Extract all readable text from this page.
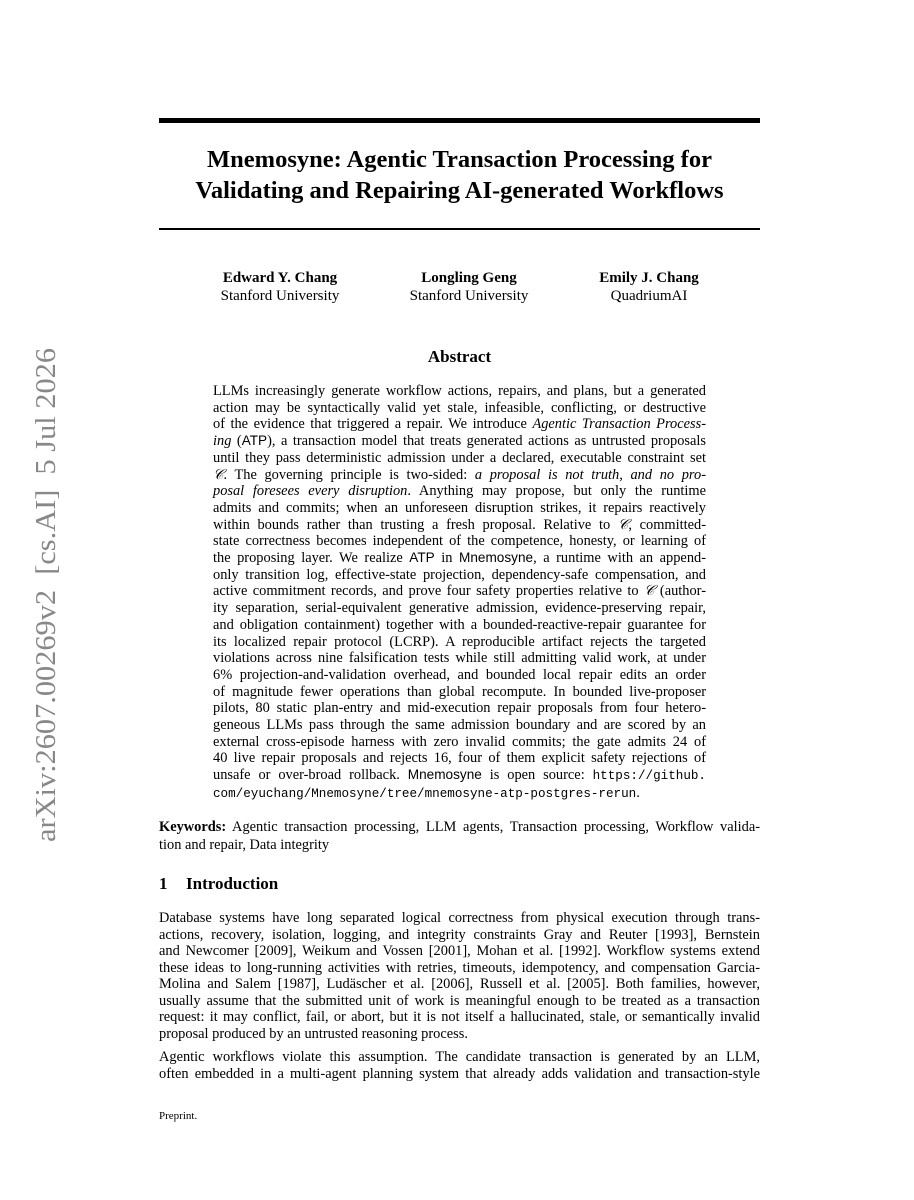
arXiv:2607.00269v2  [cs.AI]  5 Jul 2026
Mnemosyne: Agentic Transaction Processing for
Validating and Repairing AI-generated Workflows
Edward Y. Chang
Stanford University
Longling Geng
Stanford University
Emily J. Chang
QuadriumAI
Abstract
LLMs increasingly generate workflow actions, repairs, and plans, but a generated
action may be syntactically valid yet stale, infeasible, conflicting, or destructive
of the evidence that triggered a repair. We introduce Agentic Transaction Process-
ing (ATP), a transaction model that treats generated actions as untrusted proposals
until they pass deterministic admission under a declared, executable constraint set
𝒞. The governing principle is two-sided: a proposal is not truth, and no pro-
posal foresees every disruption. Anything may propose, but only the runtime
admits and commits; when an unforeseen disruption strikes, it repairs reactively
within bounds rather than trusting a fresh proposal. Relative to 𝒞, committed-
state correctness becomes independent of the competence, honesty, or learning of
the proposing layer. We realize ATP in Mnemosyne, a runtime with an append-
only transition log, effective-state projection, dependency-safe compensation, and
active commitment records, and prove four safety properties relative to 𝒞 (author-
ity separation, serial-equivalent generative admission, evidence-preserving repair,
and obligation containment) together with a bounded-reactive-repair guarantee for
its localized repair protocol (LCRP). A reproducible artifact rejects the targeted
violations across nine falsification tests while still admitting valid work, at under
6% projection-and-validation overhead, and bounded local repair edits an order
of magnitude fewer operations than global recompute. In bounded live-proposer
pilots, 80 static plan-entry and mid-execution repair proposals from four hetero-
geneous LLMs pass through the same admission boundary and are scored by an
external cross-episode harness with zero invalid commits; the gate admits 24 of
40 live repair proposals and rejects 16, four of them explicit safety rejections of
unsafe or over-broad rollback. Mnemosyne is open source: https://github.
com/eyuchang/Mnemosyne/tree/mnemosyne-atp-postgres-rerun.
Keywords: Agentic transaction processing, LLM agents, Transaction processing, Workflow valida-
tion and repair, Data integrity
1 Introduction
Database systems have long separated logical correctness from physical execution through trans-
actions, recovery, isolation, logging, and integrity constraints Gray and Reuter [1993], Bernstein
and Newcomer [2009], Weikum and Vossen [2001], Mohan et al. [1992]. Workflow systems extend
these ideas to long-running activities with retries, timeouts, idempotency, and compensation Garcia-
Molina and Salem [1987], Ludäscher et al. [2006], Russell et al. [2005]. Both families, however,
usually assume that the submitted unit of work is meaningful enough to be treated as a transaction
request: it may conflict, fail, or abort, but it is not itself a hallucinated, stale, or semantically invalid
proposal produced by an untrusted reasoning process.
Agentic workflows violate this assumption. The candidate transaction is generated by an LLM,
often embedded in a multi-agent planning system that already adds validation and transaction-style
Preprint.
